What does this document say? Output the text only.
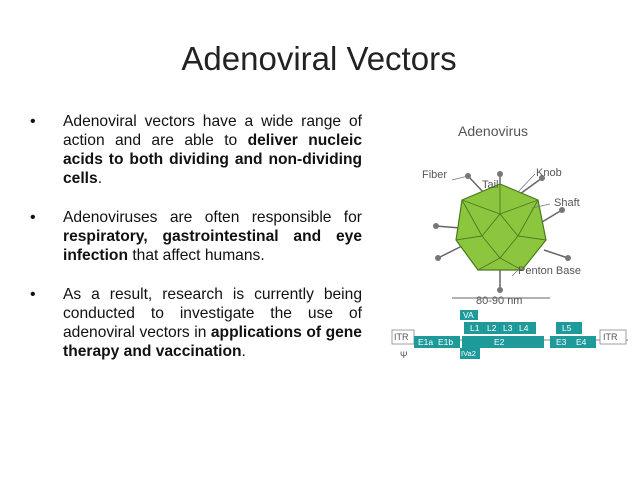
Adenoviral Vectors
• Adenoviral vectors have a wide range of action and are able to deliver nucleic acids to both dividing and non-dividing cells.
• Adenoviruses are often responsible for respiratory, gastrointestinal and eye infection that affect humans.
• As a result, research is currently being conducted to investigate the use of adenoviral vectors in applications of gene therapy and vaccination.
Adenovirus
Fiber	Knob
Tail
Shaft
Penton Base
80-90 nm
VA
L1 L2 L3 L4	L5
E1a E1b	E2	E3 E4
IVa2
ITR	ITR
Ψ
